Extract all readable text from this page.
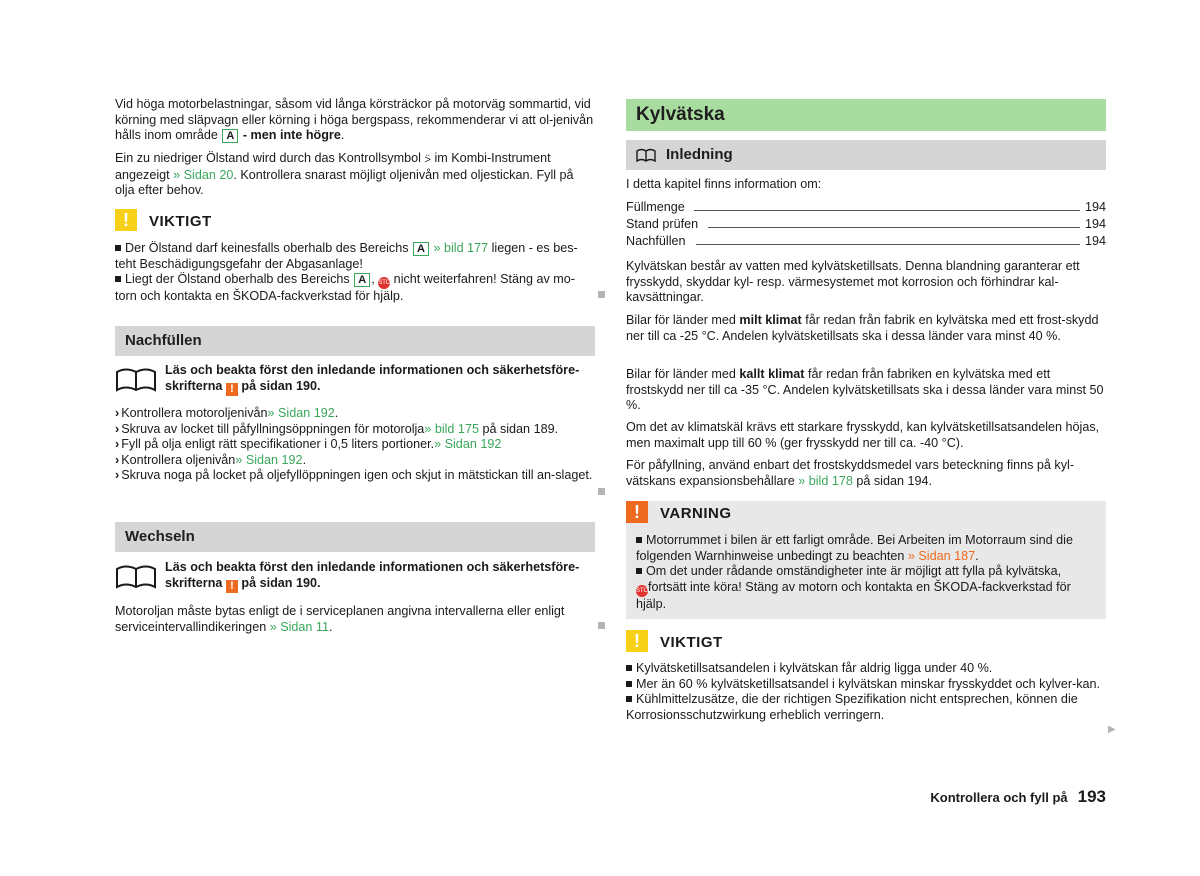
Vid höga motorbelastningar, såsom vid långa körsträckor på motorväg sommartid, vid körning med släpvagn eller körning i höga bergspass, rekommenderar vi att ol-jenivån hålls inom område A - men inte högre.

Ein zu niedriger Ölstand wird durch das Kontrollsymbol ⍩ im Kombi-Instrument angezeigt » Sidan 20. Kontrollera snarast möjligt oljenivån med oljestickan. Fyll på olja efter behov.

!	VIKTIGT

Der Ölstand darf keinesfalls oberhalb des Bereichs A » bild 177 liegen - es bes-teht Beschädigungsgefahr der Abgasanlage!

Liegt der Ölstand oberhalb des Bereichs A , STOP nicht weiterfahren! Stäng av mo-torn och kontakta en ŠKODA-fackverkstad för hjälp.

Nachfüllen

Läs och beakta först den inledande informationen och säkerhetsföre-skrifterna ! på sidan 190.

› Kontrollera motoroljenivån» Sidan 192.

› Skruva av locket till påfyllningsöppningen för motorolja» bild 175 på sidan 189.

› Fyll på olja enligt rätt specifikationer i 0,5 liters portioner.» Sidan 192

› Kontrollera oljenivån» Sidan 192.

› Skruva noga på locket på oljefyllöppningen igen och skjut in mätstickan till an-slaget.

Wechseln

Läs och beakta först den inledande informationen och säkerhetsföre-skrifterna ! på sidan 190.

Motoroljan måste bytas enligt de i serviceplanen angivna intervallerna eller enligt serviceintervallindikeringen » Sidan 11.

Kylvätska
Inledning

I detta kapitel finns information om:

Füllmenge	194
Stand prüfen	194
Nachfüllen	194

Kylvätskan består av vatten med kylvätsketillsats. Denna blandning garanterar ett frysskydd, skyddar kyl- resp. värmesystemet mot korrosion och förhindrar kal-kavsättningar.

Bilar för länder med milt klimat får redan från fabrik en kylvätska med ett frost-skydd ner till ca -25 °C. Andelen kylvätsketillsats ska i dessa länder vara minst 40 %.

Bilar för länder med kallt klimat får redan från fabriken en kylvätska med ett frostskydd ner till ca -35 °C. Andelen kylvätsketillsats ska i dessa länder vara minst 50 %.

Om det av klimatskäl krävs ett starkare frysskydd, kan kylvätsketillsatsandelen höjas, men maximalt upp till 60 % (ger frysskydd ner till ca. -40 °C).

För påfyllning, använd enbart det frostskyddsmedel vars beteckning finns på kyl-vätskans expansionsbehållare » bild 178 på sidan 194.

!	VARNING

Motorrummet i bilen är ett farligt område. Bei Arbeiten im Motorraum sind die folgenden Warnhinweise unbedingt zu beachten » Sidan 187.

Om det under rådande omständigheter inte är möjligt att fylla på kylvätska,
STOPfortsätt inte köra! Stäng av motorn och kontakta en ŠKODA-fackverkstad för hjälp.

!	VIKTIGT

Kylvätsketillsatsandelen i kylvätskan får aldrig ligga under 40 %.

Mer än 60 % kylvätsketillsatsandel i kylvätskan minskar frysskyddet och kylver-kan.

Kühlmittelzusätze, die der richtigen Spezifikation nicht entsprechen, können die Korrosionsschutzwirkung erheblich verringern.

▶
Kontrollera och fyll på 193
